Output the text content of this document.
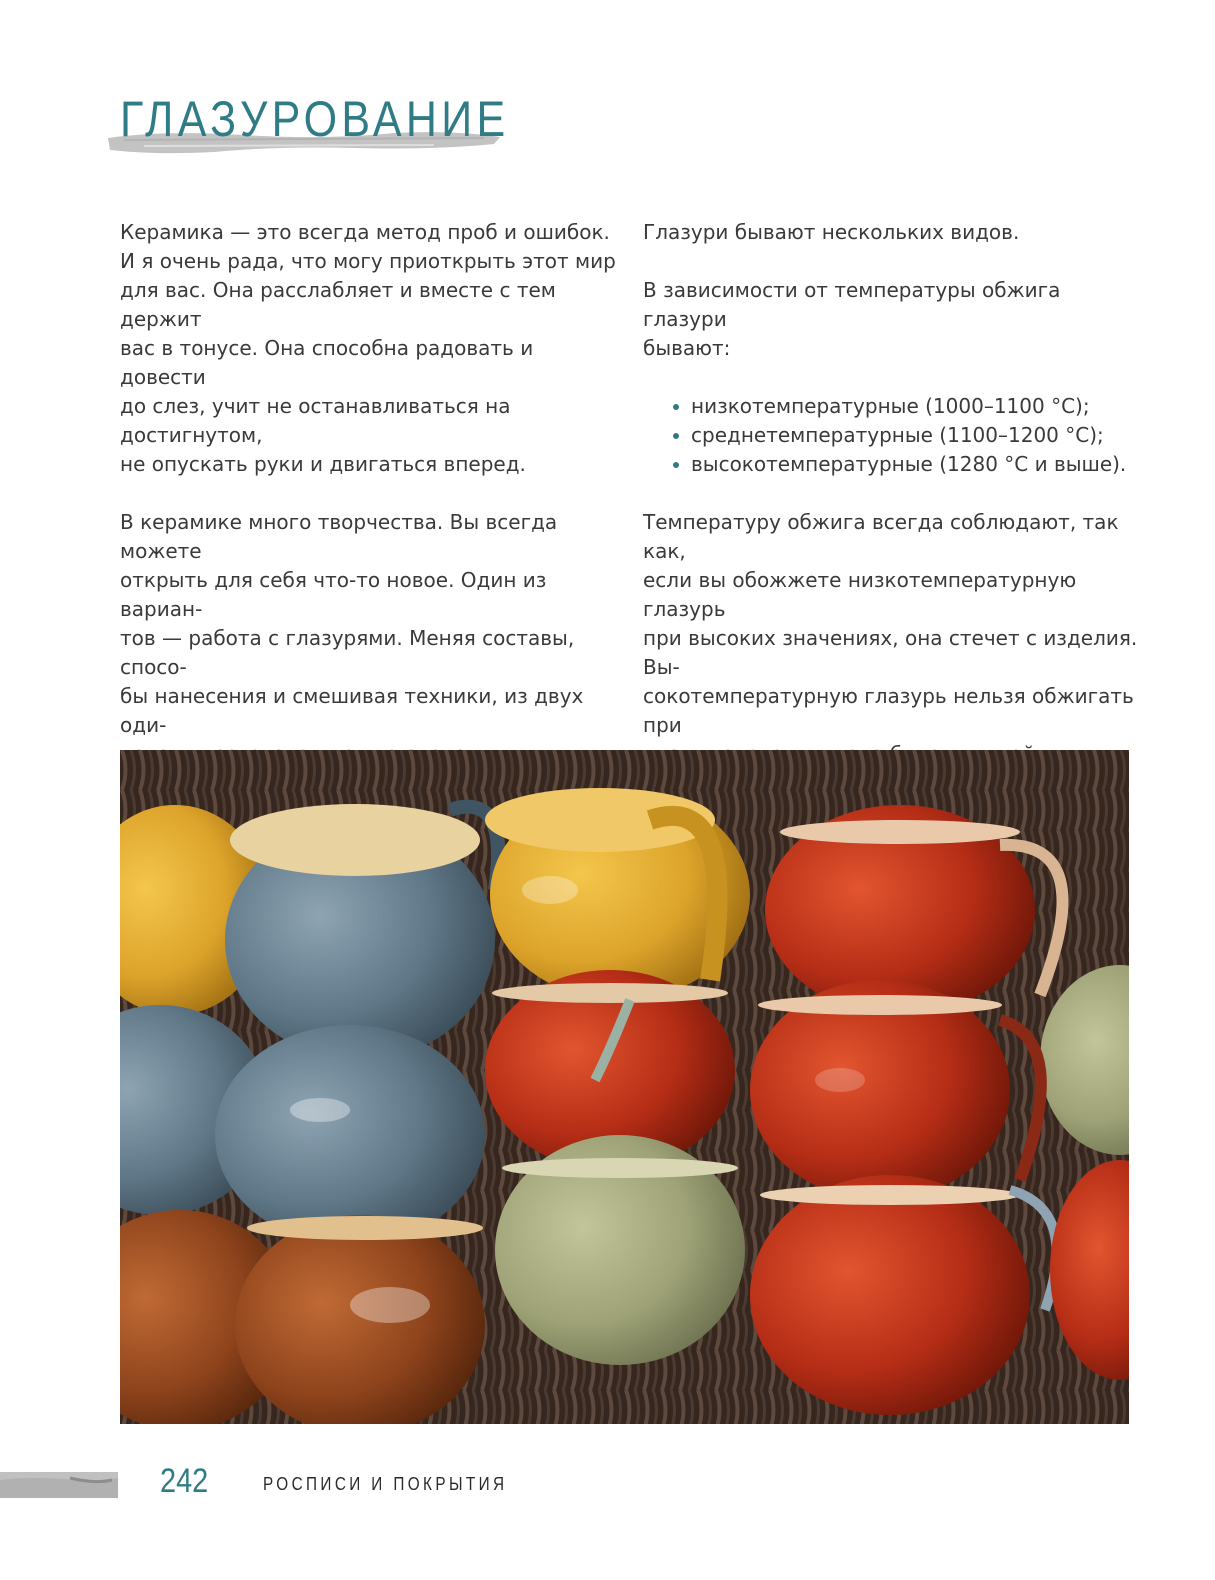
ГЛАЗУРОВАНИЕ

Керамика — это всегда метод проб и ошибок.
И я очень рада, что могу приоткрыть этот мир
для вас. Она расслабляет и вместе с тем держит
вас в тонусе. Она способна радовать и довести
до слез, учит не останавливаться на достигнутом,
не опускать руки и двигаться вперед.

В керамике много творчества. Вы всегда можете
открыть для себя что-то новое. Один из вариан-
тов — работа с глазурями. Меняя составы, спосо-
бы нанесения и смешивая техники, из двух оди-

Глазури бывают нескольких видов.

В зависимости от температуры обжига глазури
бывают:

низкотемпературные (1000–1100 °C);
среднетемпературные (1100–1200 °C);
высокотемпературные (1280 °C и выше).

Температуру обжига всегда соблюдают, так как,
если вы обожжете низкотемпературную глазурь
при высоких значениях, она стечет с изделия. Вы-
сокотемпературную глазурь нельзя обжигать при

242	РОСПИСИ И ПОКРЫТИЯ
